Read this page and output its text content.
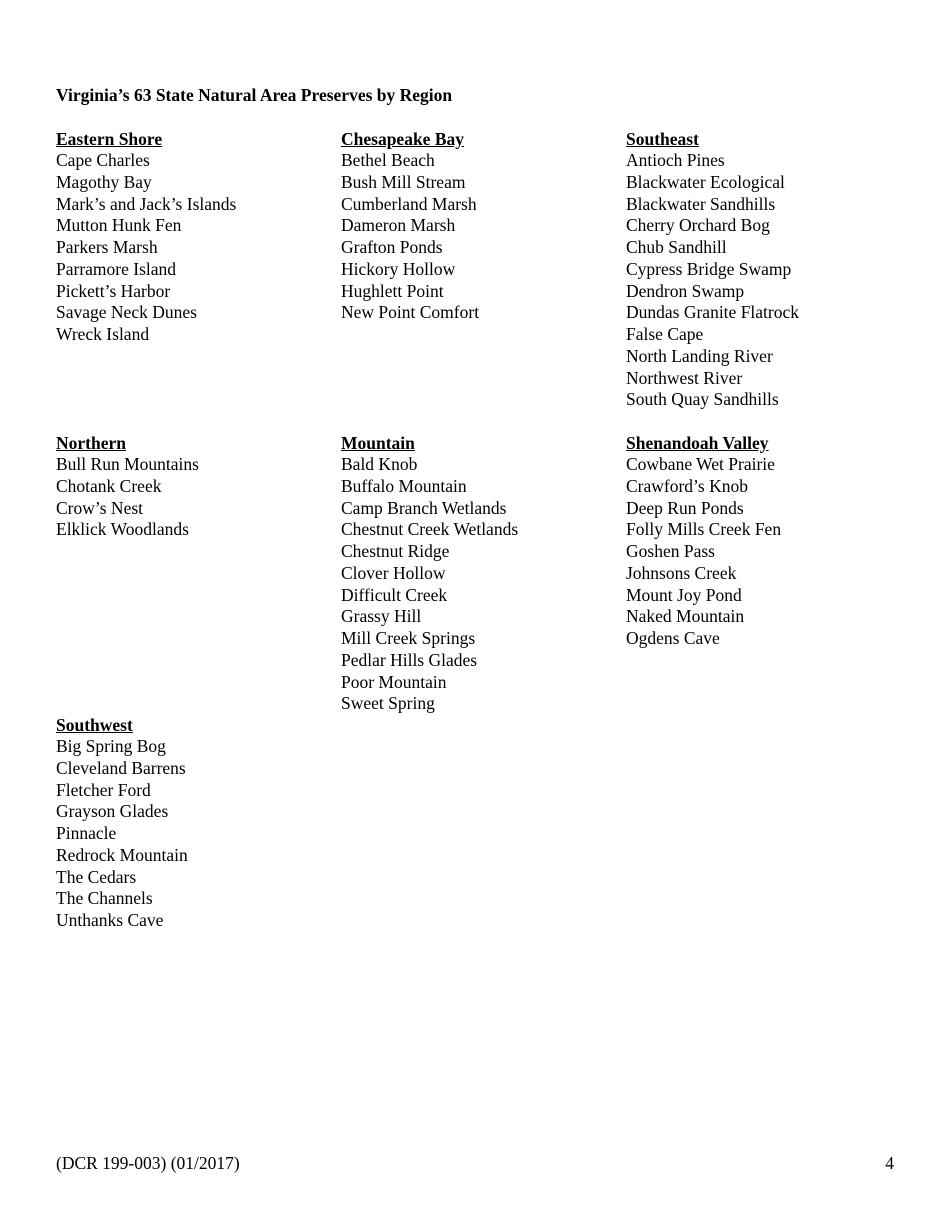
Virginia’s 63 State Natural Area Preserves by Region
Eastern Shore
Cape Charles
Magothy Bay
Mark’s and Jack’s Islands
Mutton Hunk Fen
Parkers Marsh
Parramore Island
Pickett’s Harbor
Savage Neck Dunes
Wreck Island
Chesapeake Bay
Bethel Beach
Bush Mill Stream
Cumberland Marsh
Dameron Marsh
Grafton Ponds
Hickory Hollow
Hughlett Point
New Point Comfort
Southeast
Antioch Pines
Blackwater Ecological
Blackwater Sandhills
Cherry Orchard Bog
Chub Sandhill
Cypress Bridge Swamp
Dendron Swamp
Dundas Granite Flatrock
False Cape
North Landing River
Northwest River
South Quay Sandhills
Northern
Bull Run Mountains
Chotank Creek
Crow’s Nest
Elklick Woodlands
Mountain
Bald Knob
Buffalo Mountain
Camp Branch Wetlands
Chestnut Creek Wetlands
Chestnut Ridge
Clover Hollow
Difficult Creek
Grassy Hill
Mill Creek Springs
Pedlar Hills Glades
Poor Mountain
Sweet Spring
Shenandoah Valley
Cowbane Wet Prairie
Crawford’s Knob
Deep Run Ponds
Folly Mills Creek Fen
Goshen Pass
Johnsons Creek
Mount Joy Pond
Naked Mountain
Ogdens Cave
Southwest
Big Spring Bog
Cleveland Barrens
Fletcher Ford
Grayson Glades
Pinnacle
Redrock Mountain
The Cedars
The Channels
Unthanks Cave
(DCR 199-003) (01/2017)	4
